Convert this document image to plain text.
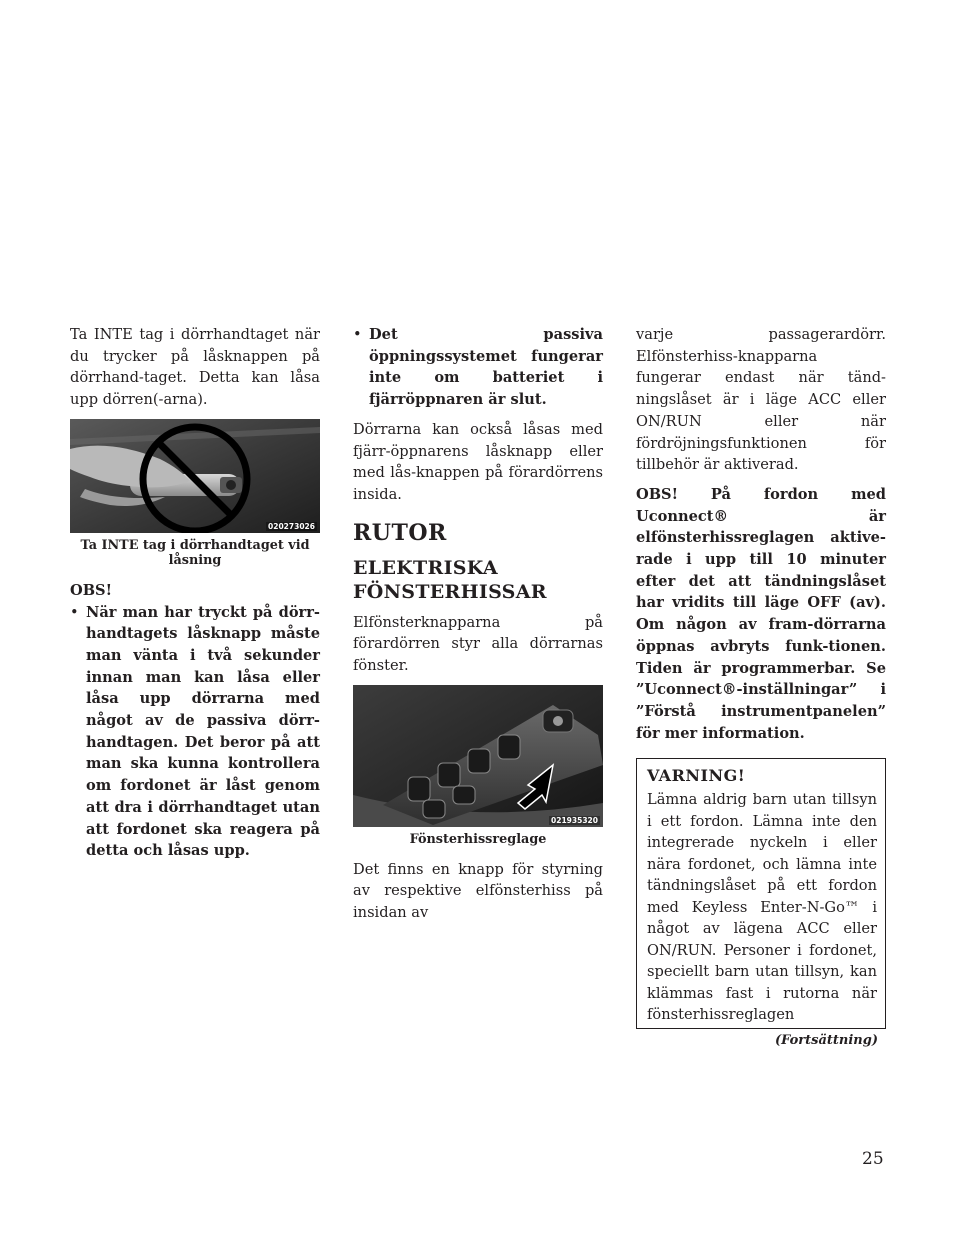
Ta INTE tag i dörrhandtaget när du trycker på låsknappen på dörrhand-taget. Detta kan låsa upp dörren(-arna).

020273026
Ta INTE tag i dörrhandtaget vid låsning

OBS!

• När man har tryckt på dörr-handtagets låsknapp måste man vänta i två sekunder innan man kan låsa eller låsa upp dörrarna med något av de passiva dörr-handtagen. Det beror på att man ska kunna kontrollera om fordonet är låst genom att dra i dörrhandtaget utan att fordonet ska reagera på detta och låsas upp.
• Det passiva öppningssystemet fungerar inte om batteriet i fjärröppnaren är slut.

Dörrarna kan också låsas med fjärr-öppnarens låsknapp eller med lås-knappen på förardörrens insida.

RUTOR
ELEKTRISKA FÖNSTERHISSAR

Elfönsterknapparna på förardörren styr alla dörrarnas fönster.

021935320
Fönsterhissreglage

Det finns en knapp för styrning av respektive elfönsterhiss på insidan av

varje passagerardörr. Elfönsterhiss-knapparna fungerar endast när tänd-ningslåset är i läge ACC eller ON/RUN eller när fördröjningsfunktionen för tillbehör är aktiverad.

OBS! På fordon med Uconnect® är elfönsterhissreglagen aktive-rade i upp till 10 minuter efter det att tändningslåset har vridits till läge OFF (av). Om någon av fram-dörrarna öppnas avbryts funk-tionen. Tiden är programmerbar. Se ”Uconnect®-inställningar” i ”Förstå instrumentpanelen” för mer information.

VARNING!

Lämna aldrig barn utan tillsyn i ett fordon. Lämna inte den integrerade nyckeln i eller nära fordonet, och lämna inte tändningslåset på ett fordon med Keyless Enter-N-Go™ i något av lägena ACC eller ON/RUN. Personer i fordonet, speciellt barn utan tillsyn, kan klämmas fast i rutorna när fönsterhissreglagen

(Fortsättning)
25
